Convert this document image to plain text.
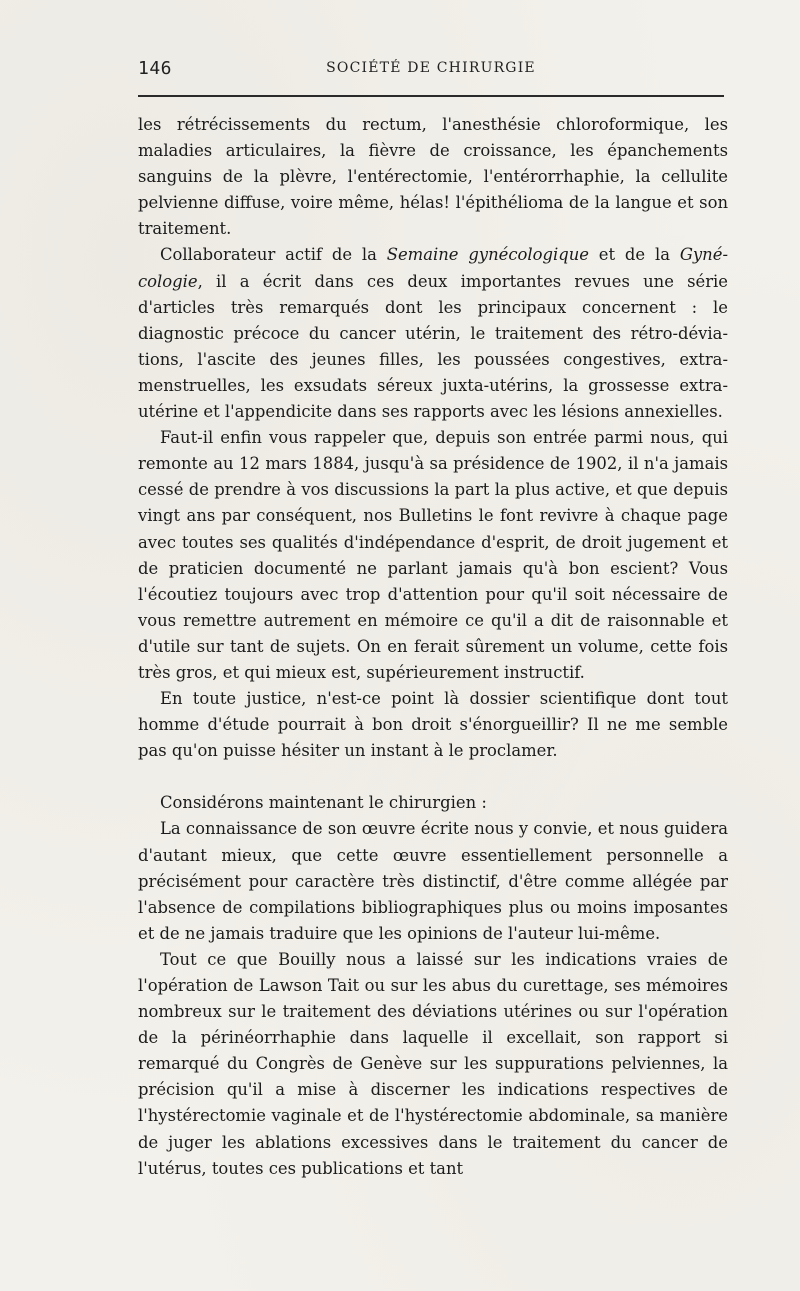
146	SOCIÉTÉ DE CHIRURGIE

les rétrécissements du rectum, l'anesthésie chloroformique, les maladies articulaires, la fièvre de croissance, les épanchements sanguins de la plèvre, l'entérectomie, l'entérorrhaphie, la cellulite pelvienne diffuse, voire même, hélas! l'épithélioma de la langue et son traitement.

Collaborateur actif de la Semaine gynécologique et de la Gynécologie, il a écrit dans ces deux importantes revues une série d'articles très remarqués dont les principaux concernent : le diagnostic précoce du cancer utérin, le traitement des rétro-déviations, l'ascite des jeunes filles, les poussées congestives, extra-menstruelles, les exsudats séreux juxta-utérins, la grossesse extra-utérine et l'appendicite dans ses rapports avec les lésions annexielles.

Faut-il enfin vous rappeler que, depuis son entrée parmi nous, qui remonte au 12 mars 1884, jusqu'à sa présidence de 1902, il n'a jamais cessé de prendre à vos discussions la part la plus active, et que depuis vingt ans par conséquent, nos Bulletins le font revivre à chaque page avec toutes ses qualités d'indépendance d'esprit, de droit jugement et de praticien documenté ne parlant jamais qu'à bon escient? Vous l'écoutiez toujours avec trop d'attention pour qu'il soit nécessaire de vous remettre autrement en mémoire ce qu'il a dit de raisonnable et d'utile sur tant de sujets. On en ferait sûrement un volume, cette fois très gros, et qui mieux est, supérieurement instructif.

En toute justice, n'est-ce point là dossier scientifique dont tout homme d'étude pourrait à bon droit s'énorgueillir? Il ne me semble pas qu'on puisse hésiter un instant à le proclamer.

Considérons maintenant le chirurgien :

La connaissance de son œuvre écrite nous y convie, et nous guidera d'autant mieux, que cette œuvre essentiellement personnelle a précisément pour caractère très distinctif, d'être comme allégée par l'absence de compilations bibliographiques plus ou moins imposantes et de ne jamais traduire que les opinions de l'auteur lui-même.

Tout ce que Bouilly nous a laissé sur les indications vraies de l'opération de Lawson Tait ou sur les abus du curettage, ses mémoires nombreux sur le traitement des déviations utérines ou sur l'opération de la périnéorrhaphie dans laquelle il excellait, son rapport si remarqué du Congrès de Genève sur les suppurations pelviennes, la précision qu'il a mise à discerner les indications respectives de l'hystérectomie vaginale et de l'hystérectomie abdominale, sa manière de juger les ablations excessives dans le traitement du cancer de l'utérus, toutes ces publications et tant
